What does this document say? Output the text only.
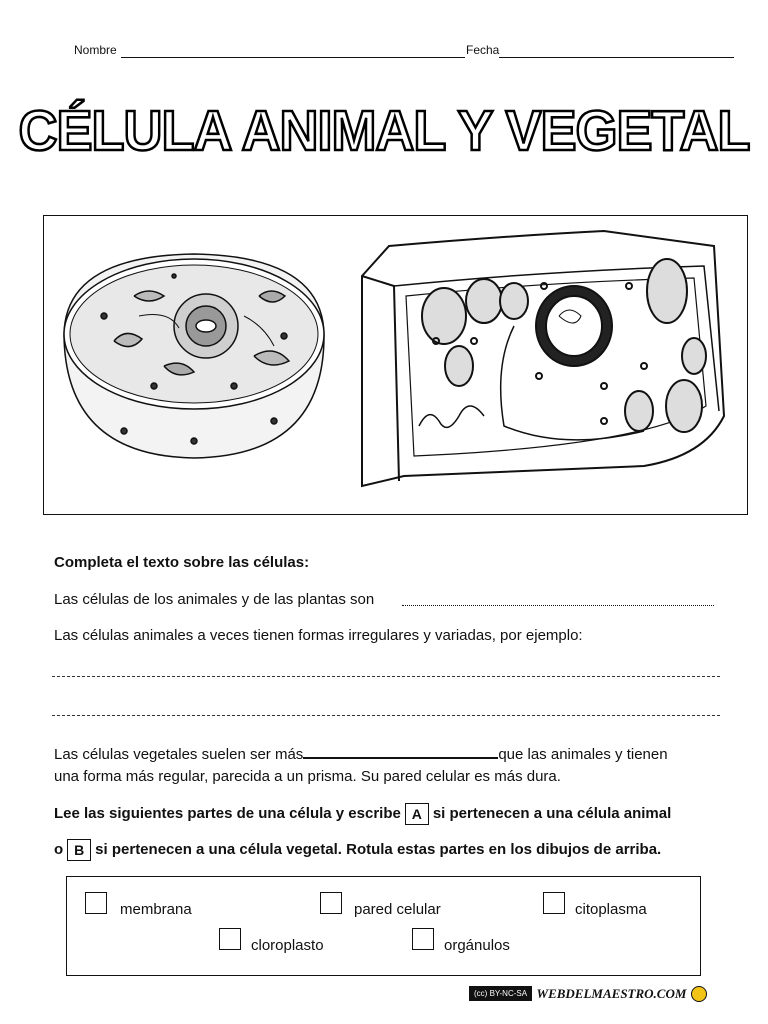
Nombre	Fecha
CÉLULA ANIMAL Y VEGETAL
Completa el texto sobre las células:
Las células de los animales y de las plantas son
Las células animales a veces tienen formas irregulares y variadas, por ejemplo:
Las células vegetales suelen ser más	que las animales y tienen
una forma más regular, parecida a un prisma. Su pared celular es más dura.
Lee las siguientes partes de una célula y escribe A si pertenecen a una célula animal
o B si pertenecen a una célula vegetal. Rotula estas partes en los dibujos de arriba.
membrana	pared celular	citoplasma
cloroplasto	orgánulos
(cc) BY-NC-SA WEBDELMAESTRO.COM
